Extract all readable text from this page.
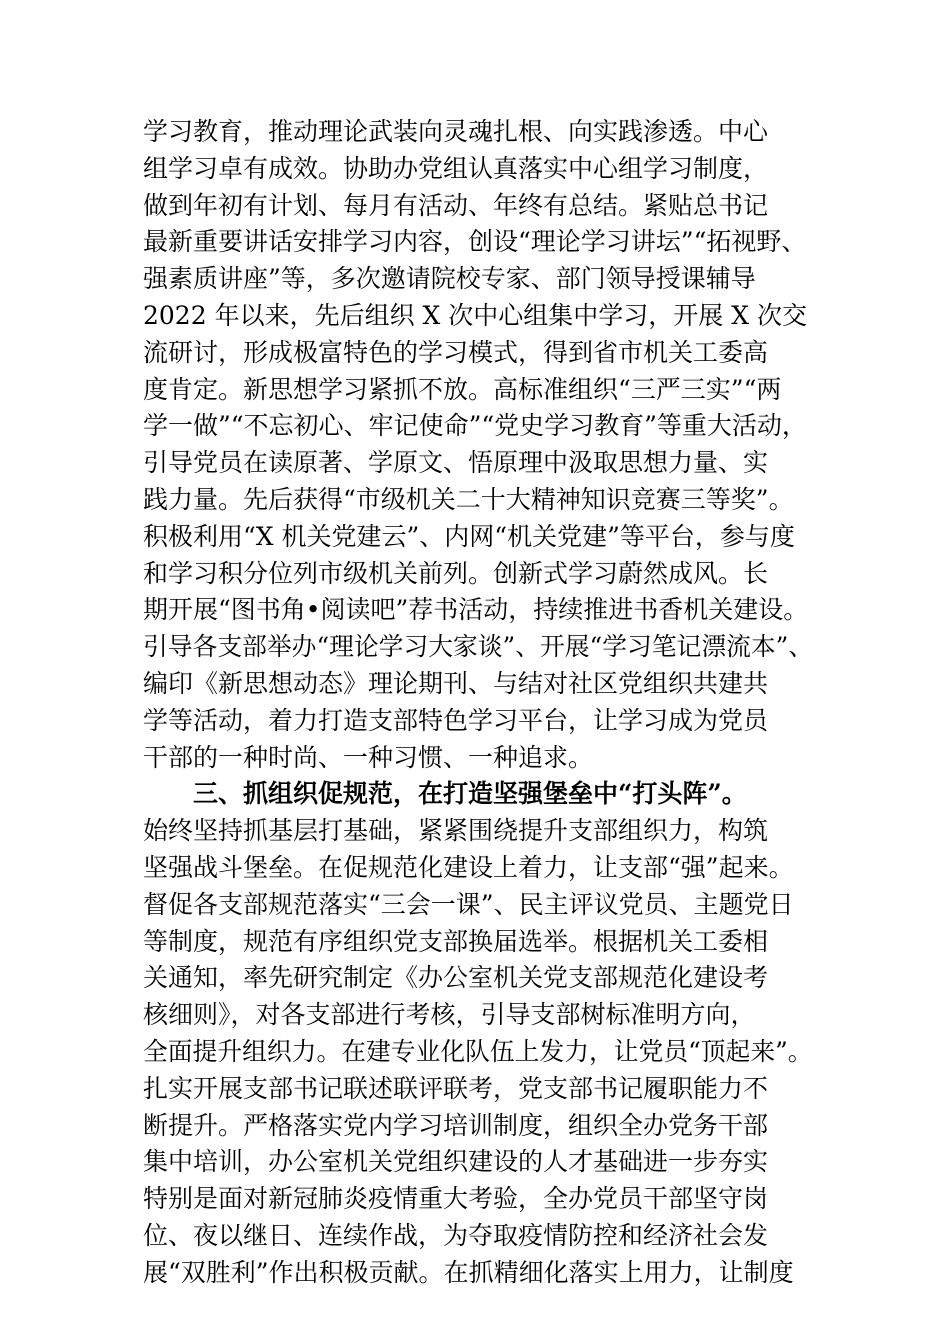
学习教育，推动理论武装向灵魂扎根、向实践渗透。中心
组学习卓有成效。协助办党组认真落实中心组学习制度，
做到年初有计划、每月有活动、年终有总结。紧贴总书记
最新重要讲话安排学习内容，创设“理论学习讲坛”“拓视野、
强素质讲座”等，多次邀请院校专家、部门领导授课辅导
2022 年以来，先后组织 X 次中心组集中学习，开展 X 次交
流研讨，形成极富特色的学习模式，得到省市机关工委高
度肯定。新思想学习紧抓不放。高标准组织“三严三实”“两
学一做”“不忘初心、牢记使命”“党史学习教育”等重大活动，
引导党员在读原著、学原文、悟原理中汲取思想力量、实
践力量。先后获得“市级机关二十大精神知识竞赛三等奖”。
积极利用“X 机关党建云”、内网“机关党建”等平台，参与度
和学习积分位列市级机关前列。创新式学习蔚然成风。长
期开展“图书角•阅读吧”荐书活动，持续推进书香机关建设。
引导各支部举办“理论学习大家谈”、开展“学习笔记漂流本”、
编印《新思想动态》理论期刊、与结对社区党组织共建共
学等活动，着力打造支部特色学习平台，让学习成为党员
干部的一种时尚、一种习惯、一种追求。
　　三、抓组织促规范，在打造坚强堡垒中“打头阵”。
始终坚持抓基层打基础，紧紧围绕提升支部组织力，构筑
坚强战斗堡垒。在促规范化建设上着力，让支部“强”起来。
督促各支部规范落实“三会一课”、民主评议党员、主题党日
等制度，规范有序组织党支部换届选举。根据机关工委相
关通知，率先研究制定《办公室机关党支部规范化建设考
核细则》，对各支部进行考核，引导支部树标准明方向，
全面提升组织力。在建专业化队伍上发力，让党员“顶起来”。
扎实开展支部书记联述联评联考，党支部书记履职能力不
断提升。严格落实党内学习培训制度，组织全办党务干部
集中培训，办公室机关党组织建设的人才基础进一步夯实
特别是面对新冠肺炎疫情重大考验，全办党员干部坚守岗
位、夜以继日、连续作战，为夺取疫情防控和经济社会发
展“双胜利”作出积极贡献。在抓精细化落实上用力，让制度
